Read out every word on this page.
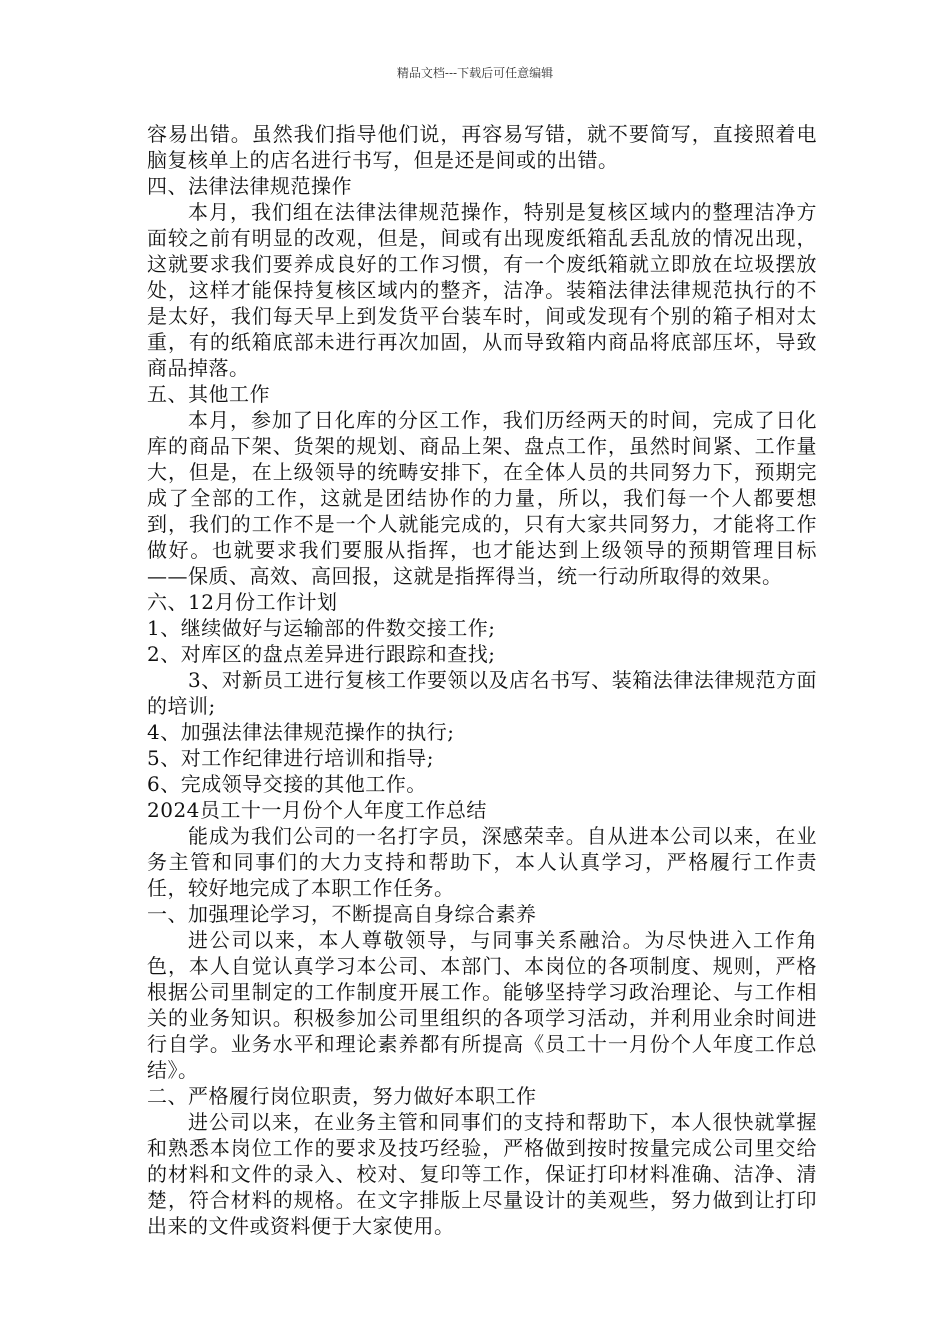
精品文档---下载后可任意编辑

容易出错。虽然我们指导他们说，再容易写错，就不要简写，直接照着电脑复核单上的店名进行书写，但是还是间或的出错。

四、法律法律规范操作

本月，我们组在法律法律规范操作，特别是复核区域内的整理洁净方面较之前有明显的改观，但是，间或有出现废纸箱乱丢乱放的情况出现，这就要求我们要养成良好的工作习惯，有一个废纸箱就立即放在垃圾摆放处，这样才能保持复核区域内的整齐，洁净。装箱法律法律规范执行的不是太好，我们每天早上到发货平台装车时，间或发现有个别的箱子相对太重，有的纸箱底部未进行再次加固，从而导致箱内商品将底部压坏，导致商品掉落。

五、其他工作

本月，参加了日化库的分区工作，我们历经两天的时间，完成了日化库的商品下架、货架的规划、商品上架、盘点工作，虽然时间紧、工作量大，但是，在上级领导的统畴安排下，在全体人员的共同努力下，预期完成了全部的工作，这就是团结协作的力量，所以，我们每一个人都要想到，我们的工作不是一个人就能完成的，只有大家共同努力，才能将工作做好。也就要求我们要服从指挥，也才能达到上级领导的预期管理目标——保质、高效、高回报，这就是指挥得当，统一行动所取得的效果。

六、12月份工作计划

1、继续做好与运输部的件数交接工作;

2、对库区的盘点差异进行跟踪和查找;

3、对新员工进行复核工作要领以及店名书写、装箱法律法律规范方面的培训;

4、加强法律法律规范操作的执行;

5、对工作纪律进行培训和指导;

6、完成领导交接的其他工作。

2024员工十一月份个人年度工作总结

能成为我们公司的一名打字员，深感荣幸。自从进本公司以来，在业务主管和同事们的大力支持和帮助下，本人认真学习，严格履行工作责任，较好地完成了本职工作任务。

一、加强理论学习，不断提高自身综合素养

进公司以来，本人尊敬领导，与同事关系融洽。为尽快进入工作角色，本人自觉认真学习本公司、本部门、本岗位的各项制度、规则，严格根据公司里制定的工作制度开展工作。能够坚持学习政治理论、与工作相关的业务知识。积极参加公司里组织的各项学习活动，并利用业余时间进行自学。业务水平和理论素养都有所提高《员工十一月份个人年度工作总结》。

二、严格履行岗位职责，努力做好本职工作

进公司以来，在业务主管和同事们的支持和帮助下，本人很快就掌握和熟悉本岗位工作的要求及技巧经验，严格做到按时按量完成公司里交给的材料和文件的录入、校对、复印等工作，保证打印材料准确、洁净、清楚，符合材料的规格。在文字排版上尽量设计的美观些，努力做到让打印出来的文件或资料便于大家使用。
